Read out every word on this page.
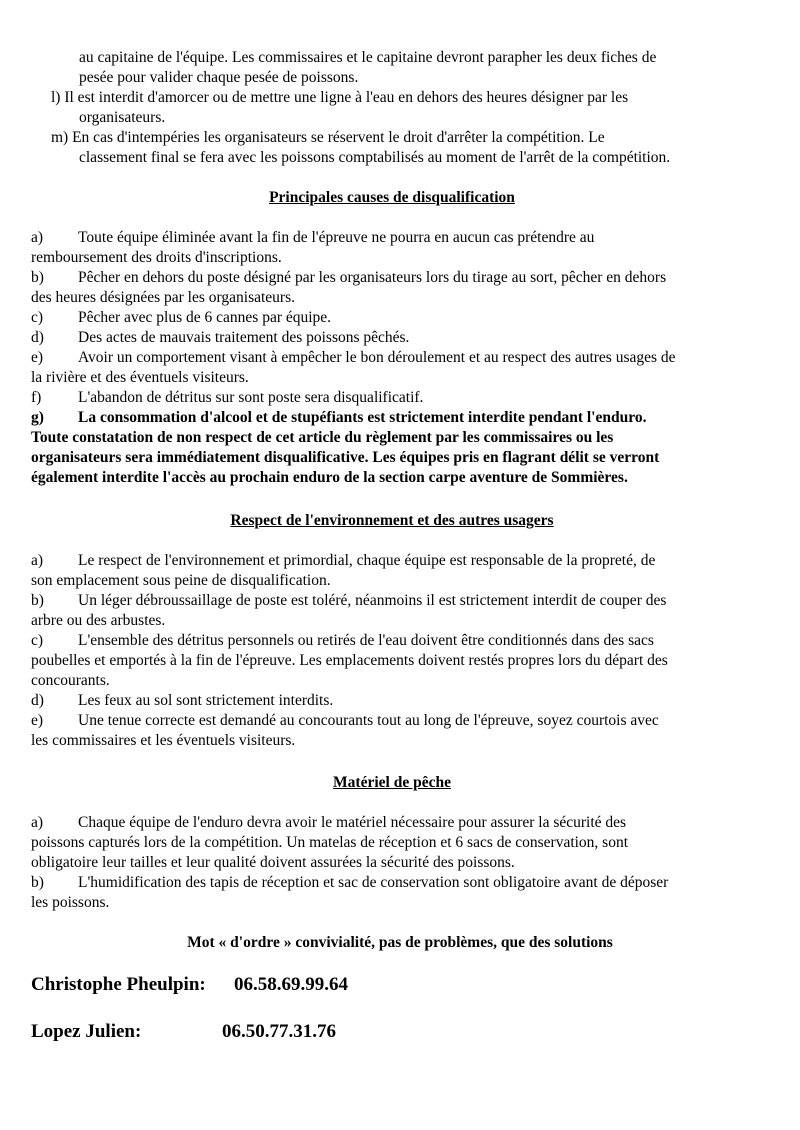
au capitaine de l'équipe. Les commissaires et le capitaine devront parapher les deux fiches de
pesée pour valider chaque pesée de poissons.
l) Il est interdit d'amorcer ou de mettre une ligne à l'eau en dehors des heures désigner par les
organisateurs.
m) En cas d'intempéries les organisateurs se réservent le droit d'arrêter la compétition. Le
classement final se fera avec les poissons comptabilisés au moment de l'arrêt de la compétition.
Principales causes de disqualification
a) Toute équipe éliminée avant la fin de l'épreuve ne pourra en aucun cas prétendre au
remboursement des droits d'inscriptions.
b) Pêcher en dehors du poste désigné par les organisateurs lors du tirage au sort, pêcher en dehors
des heures désignées par les organisateurs.
c) Pêcher avec plus de 6 cannes par équipe.
d) Des actes de mauvais traitement des poissons pêchés.
e) Avoir un comportement visant à empêcher le bon déroulement et au respect des autres usages de
la rivière et des éventuels visiteurs.
f) L'abandon de détritus sur sont poste sera disqualificatif.
g) La consommation d'alcool et de stupéfiants est strictement interdite pendant l'enduro.
Toute constatation de non respect de cet article du règlement par les commissaires ou les
organisateurs sera immédiatement disqualificative. Les équipes pris en flagrant délit se verront
également interdite l'accès au prochain enduro de la section carpe aventure de Sommières.
Respect de l'environnement et des autres usagers
a) Le respect de l'environnement et primordial, chaque équipe est responsable de la propreté, de
son emplacement sous peine de disqualification.
b) Un léger débroussaillage de poste est toléré, néanmoins il est strictement interdit de couper des
arbre ou des arbustes.
c) L'ensemble des détritus personnels ou retirés de l'eau doivent être conditionnés dans des sacs
poubelles et emportés à la fin de l'épreuve. Les emplacements doivent restés propres lors du départ des
concourants.
d) Les feux au sol sont strictement interdits.
e) Une tenue correcte est demandé au concourants tout au long de l'épreuve, soyez courtois avec
les commissaires et les éventuels visiteurs.
Matériel de pêche
a) Chaque équipe de l'enduro devra avoir le matériel nécessaire pour assurer la sécurité des
poissons capturés lors de la compétition. Un matelas de réception et 6 sacs de conservation, sont
obligatoire leur tailles et leur qualité doivent assurées la sécurité des poissons.
b) L'humidification des tapis de réception et sac de conservation sont obligatoire avant de déposer
les poissons.
Mot « d'ordre » convivialité, pas de problèmes, que des solutions
Christophe Pheulpin: 06.58.69.99.64
Lopez Julien:	06.50.77.31.76
